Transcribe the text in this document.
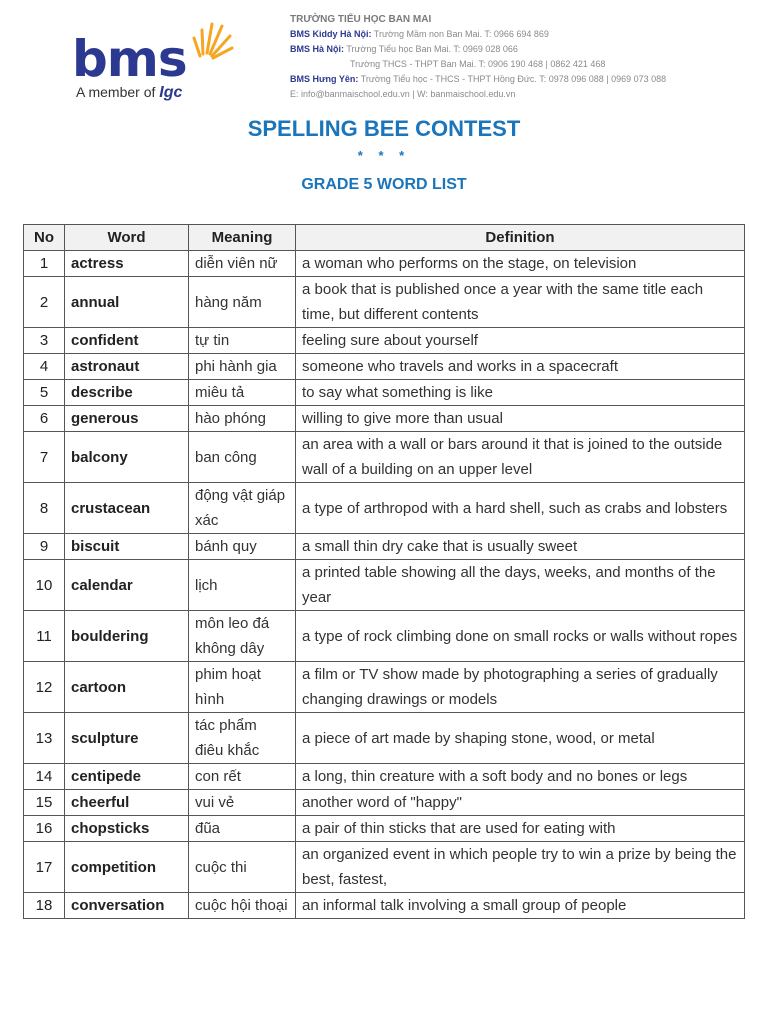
bms
A member of Igc
TRƯỜNG TIỂU HỌC BAN MAI
BMS Kiddy Hà Nội: Trường Mầm non Ban Mai. T: 0966 694 869
BMS Hà Nội: Trường Tiểu học Ban Mai. T: 0969 028 066
Trường THCS - THPT Ban Mai. T: 0906 190 468 | 0862 421 468
BMS Hưng Yên: Trường Tiểu học - THCS - THPT Hồng Đức. T: 0978 096 088 | 0969 073 088
E: info@banmaischool.edu.vn | W: banmaischool.edu.vn
SPELLING BEE CONTEST
* * *
GRADE 5 WORD LIST
No	Word	Meaning	Definition
1	actress	diễn viên nữ	a woman who performs on the stage, on television
2	annual	hàng năm	a book that is published once a year with the same title each time, but different contents
3	confident	tự tin	feeling sure about yourself
4	astronaut	phi hành gia	someone who travels and works in a spacecraft
5	describe	miêu tả	to say what something is like
6	generous	hào phóng	willing to give more than usual
7	balcony	ban công	an area with a wall or bars around it that is joined to the outside wall of a building on an upper level
8	crustacean	động vật giáp xác	a type of arthropod with a hard shell, such as crabs and lobsters
9	biscuit	bánh quy	a small thin dry cake that is usually sweet
10	calendar	lịch	a printed table showing all the days, weeks, and months of the year
11	bouldering	môn leo đá không dây	a type of rock climbing done on small rocks or walls without ropes
12	cartoon	phim hoạt hình	a film or TV show made by photographing a series of gradually changing drawings or models
13	sculpture	tác phẩm điêu khắc	a piece of art made by shaping stone, wood, or metal
14	centipede	con rết	a long, thin creature with a soft body and no bones or legs
15	cheerful	vui vẻ	another word of "happy"
16	chopsticks	đũa	a pair of thin sticks that are used for eating with
17	competition	cuộc thi	an organized event in which people try to win a prize by being the best, fastest,
18	conversation	cuộc hội thoại	an informal talk involving a small group of people
